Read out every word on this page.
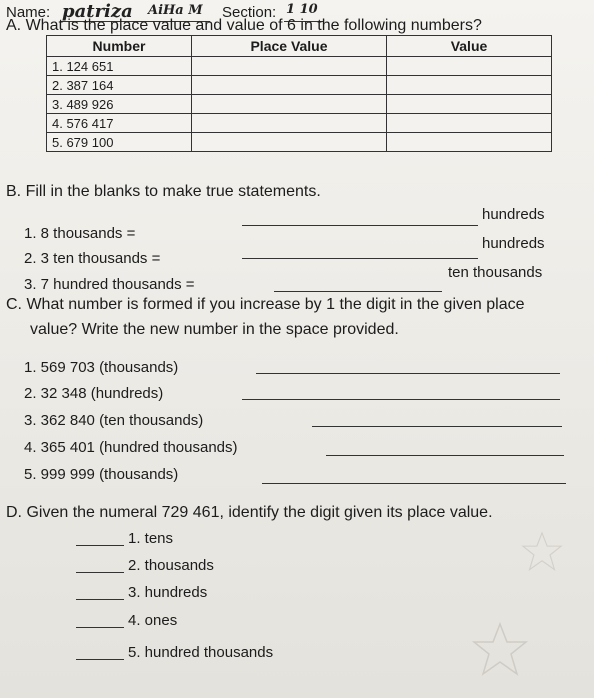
Name: patriza AiHa M Section: 1 10
A. What is the place value and value of 6 in the following numbers?
Number	Place Value	Value
1. 124 651		
2. 387 164		
3. 489 926		
4. 576 417		
5. 679 100		
B. Fill in the blanks to make true statements.
1. 8 thousands =
hundreds
2. 3 ten thousands =
hundreds
3. 7 hundred thousands =
ten thousands
C. What number is formed if you increase by 1 the digit in the given place
value? Write the new number in the space provided.
1. 569 703 (thousands)
2. 32 348 (hundreds)
3. 362 840 (ten thousands)
4. 365 401 (hundred thousands)
5. 999 999 (thousands)
D. Given the numeral 729 461, identify the digit given its place value.
1. tens
2. thousands
3. hundreds
4. ones
5. hundred thousands
